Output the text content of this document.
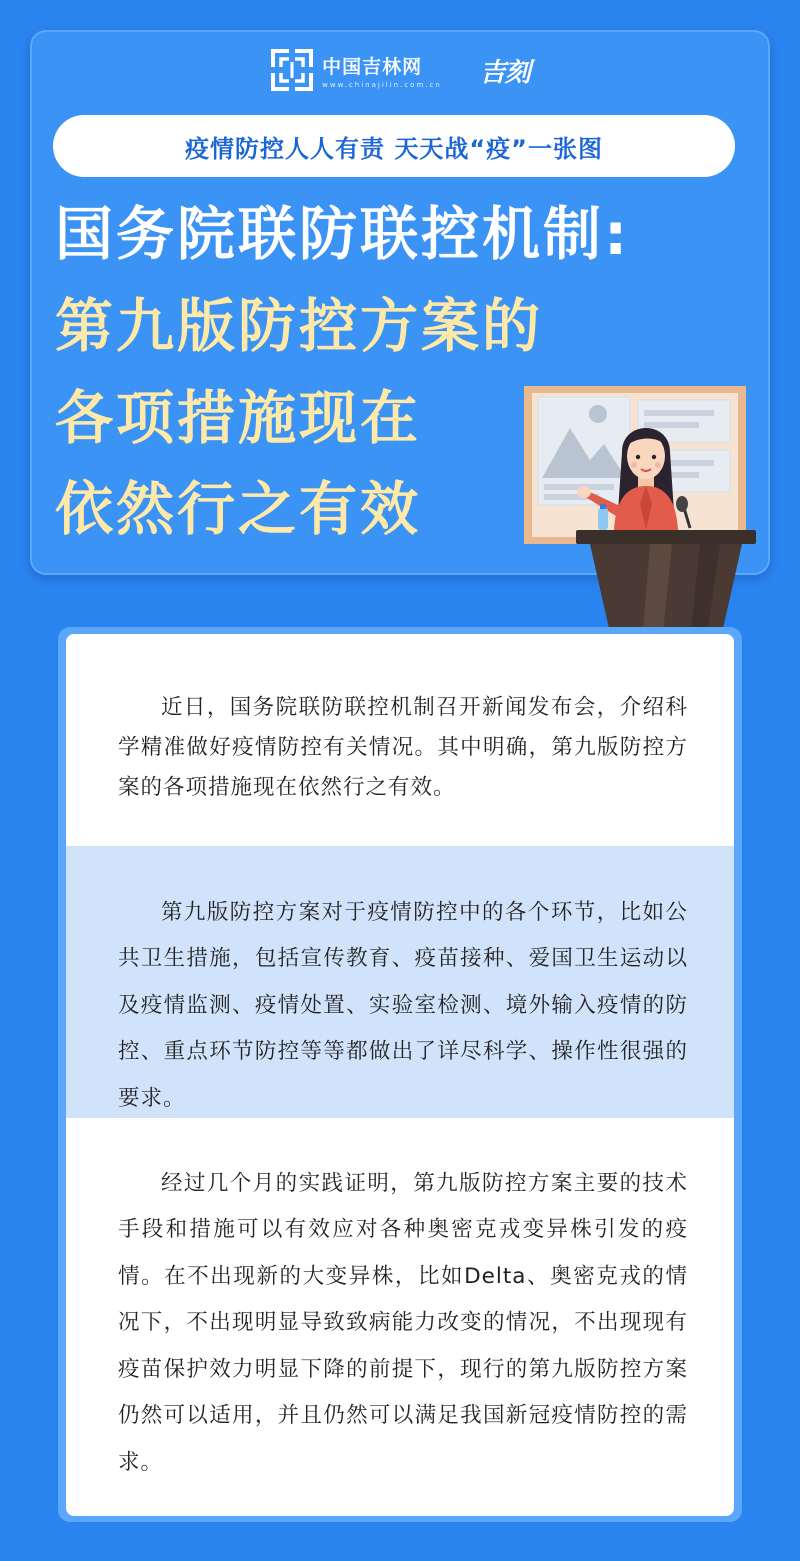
中国吉林网
www.chinajilin.com.cn 吉刻
疫情防控人人有责 天天战“疫”一张图
国务院联防联控机制:
第九版防控方案的
各项措施现在
依然行之有效

近日，国务院联防联控机制召开新闻发布会，介绍科学精准做好疫情防控有关情况。其中明确，第九版防控方案的各项措施现在依然行之有效。

第九版防控方案对于疫情防控中的各个环节，比如公共卫生措施，包括宣传教育、疫苗接种、爱国卫生运动以及疫情监测、疫情处置、实验室检测、境外输入疫情的防控、重点环节防控等等都做出了详尽科学、操作性很强的要求。

经过几个月的实践证明，第九版防控方案主要的技术手段和措施可以有效应对各种奥密克戎变异株引发的疫情。在不出现新的大变异株，比如Delta、奥密克戎的情况下，不出现明显导致致病能力改变的情况，不出现现有疫苗保护效力明显下降的前提下，现行的第九版防控方案仍然可以适用，并且仍然可以满足我国新冠疫情防控的需求。
